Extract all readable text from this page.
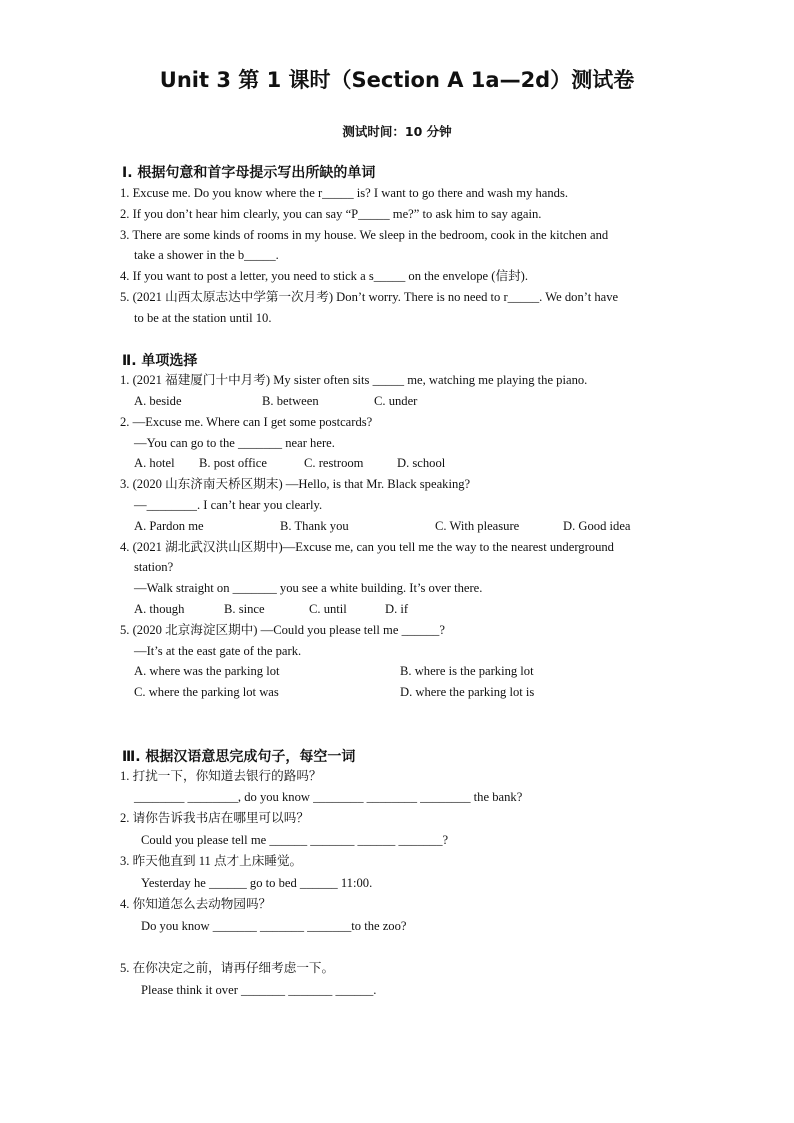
Unit 3 第 1 课时（Section A 1a—2d）测试卷
测试时间：10 分钟
Ⅰ. 根据句意和首字母提示写出所缺的单词
1. Excuse me. Do you know where the r_____ is? I want to go there and wash my hands.
2. If you don’t hear him clearly, you can say “P_____ me?” to ask him to say again.
3. There are some kinds of rooms in my house. We sleep in the bedroom, cook in the kitchen and
take a shower in the b_____.
4. If you want to post a letter, you need to stick a s_____ on the envelope (信封).
5. (2021 山西太原志达中学第一次月考) Don’t worry. There is no need to r_____. We don’t have
to be at the station until 10.
Ⅱ. 单项选择
1. (2021 福建厦门十中月考) My sister often sits _____ me, watching me playing the piano.
A. beside	B. between	C. under
2. —Excuse me. Where can I get some postcards?
—You can go to the _______ near here.
A. hotel B. post office	C. restroom	D. school
3. (2020 山东济南天桥区期末) —Hello, is that Mr. Black speaking?
—________. I can’t hear you clearly.
A. Pardon me	B. Thank you	C. With pleasure	D. Good idea
4. (2021 湖北武汉洪山区期中)—Excuse me, can you tell me the way to the nearest underground
station?
—Walk straight on _______ you see a white building. It’s over there.
A. though	B. since	C. until	D. if
5. (2020 北京海淀区期中) —Could you please tell me ______?
—It’s at the east gate of the park.
A. where was the parking lot	B. where is the parking lot
C. where the parking lot was	D. where the parking lot is
Ⅲ. 根据汉语意思完成句子，每空一词
1. 打扰一下，你知道去银行的路吗？
________ ________, do you know ________ ________ ________ the bank?
2. 请你告诉我书店在哪里可以吗？
Could you please tell me ______ _______ ______ _______?
3. 昨天他直到 11 点才上床睡觉。
Yesterday he ______ go to bed ______ 11:00.
4. 你知道怎么去动物园吗？
Do you know _______ _______ _______to the zoo?
5. 在你决定之前，请再仔细考虑一下。
Please think it over _______ _______ ______.
